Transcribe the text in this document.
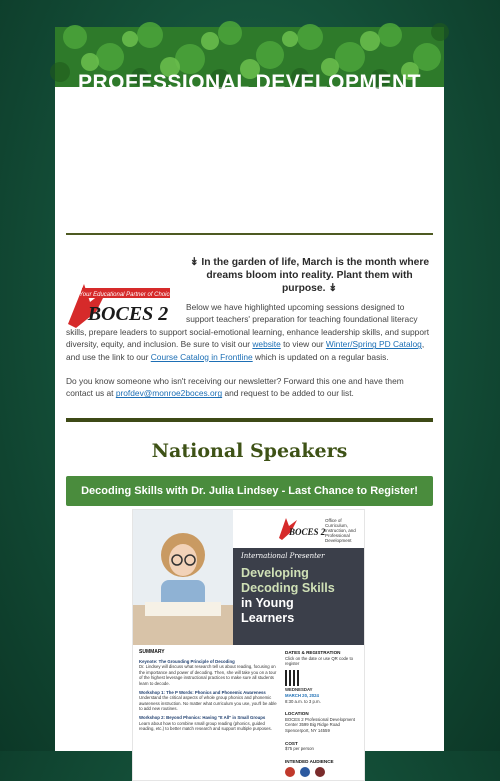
PROFESSIONAL DEVELOPMENT
Your Educational Partner of Choice
BOCES 2
↡ In the garden of life, March is the month where
dreams bloom into reality. Plant them with purpose. ↡
Below we have highlighted upcoming sessions designed to
support teachers' preparation for teaching foundational literacy
skills, prepare leaders to support social-emotional learning, enhance leadership skills, and support diversity, equity, and inclusion. Be sure to visit our website to view our Winter/Spring PD Catalog, and use the link to our Course Catalog in Frontline which is updated on a regular basis.
Do you know someone who isn't receiving our newsletter? Forward this one and have them contact us at profdev@monroe2boces.org and request to be added to our list.
National Speakers
Decoding Skills with Dr. Julia Lindsey - Last Chance to Register!
BOCES 2
Office of Curriculum, Instruction, and Professional Development
International Presenter
Developing
Decoding Skills
in Young
Learners
SUMMARY
Keynote: The Grounding Principle of Decoding
Dr. Lindsey will discuss what research tell us about reading, focusing on the importance and power of decoding. Then, she will take you on a tour of the highest leverage instructional practices to make sure all students learn to decode.
Workshop 1: The P Words: Phonics and Phonemic Awareness
Understand the critical aspects of whole group phonics and phonemic awareness instruction. No matter what curriculum you use, you'll be able to add new routines.
Workshop 2: Beyond Phonics: Having "It All" in Small Groups
Learn about how to combine small group reading (phonics, guided reading, etc.) to better match research and support multiple purposes.
DATES & REGISTRATION
Click on the date or use QR code to register
WEDNESDAY
MARCH 20, 2024
8:30 a.m. to 3 p.m.
LOCATION
BOCES 2 Professional Development Center 3599 Big Ridge Road Spencerport, NY 14559
COST
$75 per person
INTENDED AUDIENCE
